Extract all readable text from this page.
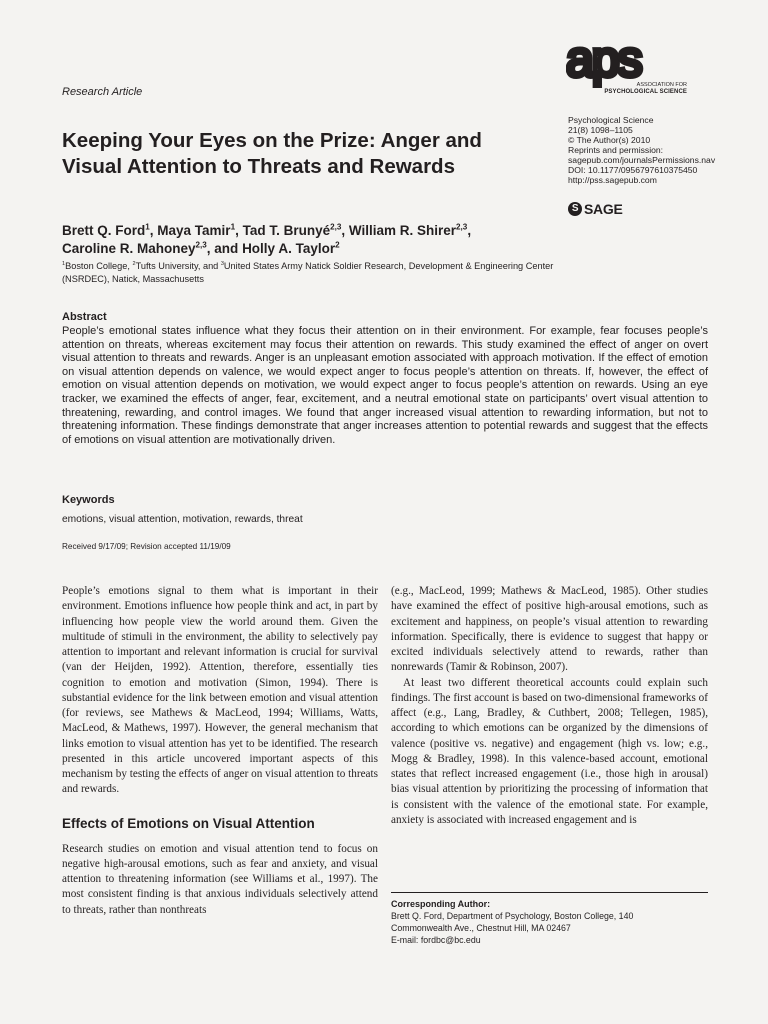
Research Article
aps
ASSOCIATION FOR
PSYCHOLOGICAL SCIENCE
Psychological Science
21(8) 1098–1105
© The Author(s) 2010
Reprints and permission:
sagepub.com/journalsPermissions.nav
DOI: 10.1177/0956797610375450
http://pss.sagepub.com
S SAGE
Keeping Your Eyes on the Prize: Anger and Visual Attention to Threats and Rewards

Brett Q. Ford$^1$, Maya Tamir$^1$, Tad T. Brunyé$^{2,3}$, William R. Shirer$^{2,3}$,
Caroline R. Mahoney$^{2,3}$, and Holly A. Taylor$^2$

$^1$Boston College, $^2$Tufts University, and $^3$United States Army Natick Soldier Research, Development & Engineering Center (NSRDEC), Natick, Massachusetts

Abstract

People’s emotional states influence what they focus their attention on in their environment. For example, fear focuses people’s attention on threats, whereas excitement may focus their attention on rewards. This study examined the effect of anger on overt visual attention to threats and rewards. Anger is an unpleasant emotion associated with approach motivation. If the effect of emotion on visual attention depends on valence, we would expect anger to focus people’s attention on threats. If, however, the effect of emotion on visual attention depends on motivation, we would expect anger to focus people’s attention on rewards. Using an eye tracker, we examined the effects of anger, fear, excitement, and a neutral emotional state on participants’ overt visual attention to threatening, rewarding, and control images. We found that anger increased visual attention to rewarding information, but not to threatening information. These findings demonstrate that anger increases attention to potential rewards and suggest that the effects of emotions on visual attention are motivationally driven.

Keywords

emotions, visual attention, motivation, rewards, threat

Received 9/17/09; Revision accepted 11/19/09

People’s emotions signal to them what is important in their environment. Emotions influence how people think and act, in part by influencing how people view the world around them. Given the multitude of stimuli in the environment, the ability to selectively pay attention to important and relevant information is crucial for survival (van der Heijden, 1992). Attention, therefore, essentially ties cognition to emotion and motivation (Simon, 1994). There is substantial evidence for the link between emotion and visual attention (for reviews, see Mathews & MacLeod, 1994; Williams, Watts, MacLeod, & Mathews, 1997). However, the general mechanism that links emotion to visual attention has yet to be identified. The research presented in this article uncovered important aspects of this mechanism by testing the effects of anger on visual attention to threats and rewards.

Effects of Emotions on Visual Attention

Research studies on emotion and visual attention tend to focus on negative high-arousal emotions, such as fear and anxiety, and visual attention to threatening information (see Williams et al., 1997). The most consistent finding is that anxious individuals selectively attend to threats, rather than nonthreats

(e.g., MacLeod, 1999; Mathews & MacLeod, 1985). Other studies have examined the effect of positive high-arousal emotions, such as excitement and happiness, on people’s visual attention to rewarding information. Specifically, there is evidence to suggest that happy or excited individuals selectively attend to rewards, rather than nonrewards (Tamir & Robinson, 2007).

At least two different theoretical accounts could explain such findings. The first account is based on two-dimensional frameworks of affect (e.g., Lang, Bradley, & Cuthbert, 2008; Tellegen, 1985), according to which emotions can be organized by the dimensions of valence (positive vs. negative) and engagement (high vs. low; e.g., Mogg & Bradley, 1998). In this valence-based account, emotional states that reflect increased engagement (i.e., those high in arousal) bias visual attention by prioritizing the processing of information that is consistent with the valence of the emotional state. For example, anxiety is associated with increased engagement and is

Corresponding Author:
Brett Q. Ford, Department of Psychology, Boston College, 140
Commonwealth Ave., Chestnut Hill, MA 02467
E-mail: fordbc@bc.edu
